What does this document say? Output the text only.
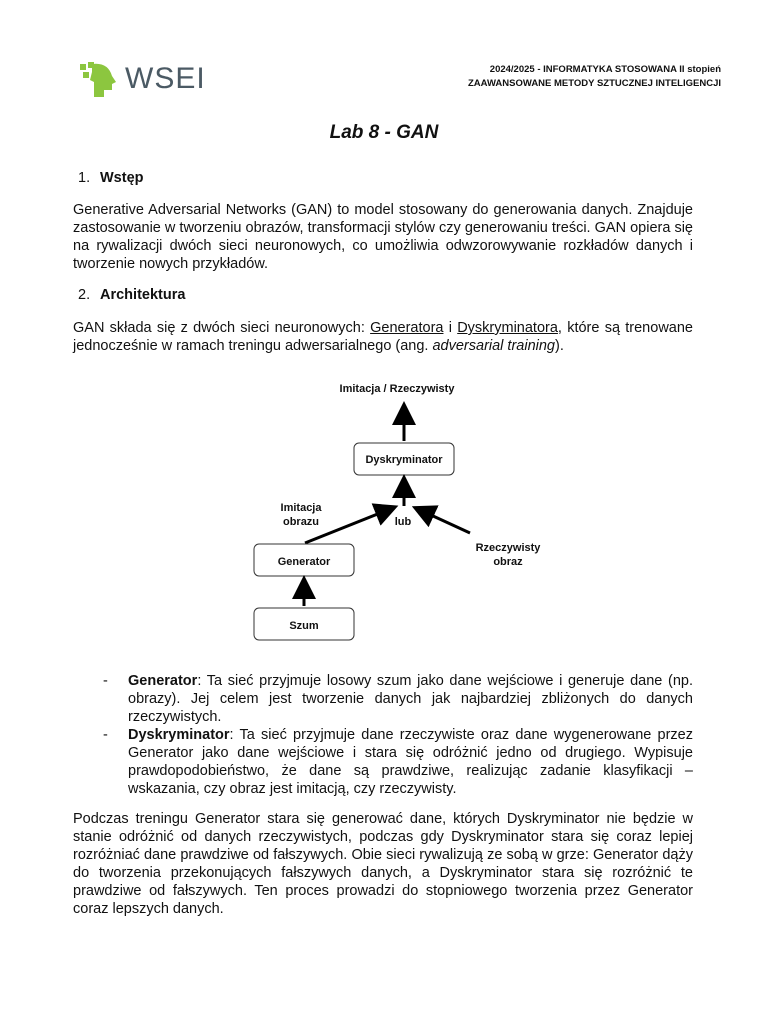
WSEI	2024/2025 - INFORMATYKA STOSOWANA II stopień
ZAAWANSOWANE METODY SZTUCZNEJ INTELIGENCJI
Lab 8 - GAN
1. Wstęp
Generative Adversarial Networks (GAN) to model stosowany do generowania danych. Znajduje zastosowanie w tworzeniu obrazów, transformacji stylów czy generowaniu treści. GAN opiera się na rywalizacji dwóch sieci neuronowych, co umożliwia odwzorowywanie rozkładów danych i tworzenie nowych przykładów.
2. Architektura
GAN składa się z dwóch sieci neuronowych: Generatora i Dyskryminatora, które są trenowane jednocześnie w ramach treningu adwersarialnego (ang. adversarial training).
Imitacja / Rzeczywisty
Dyskryminator
lub
Imitacja
obrazu
Rzeczywisty
obraz
Generator
Szum
- Generator: Ta sieć przyjmuje losowy szum jako dane wejściowe i generuje dane (np. obrazy). Jej celem jest tworzenie danych jak najbardziej zbliżonych do danych rzeczywistych.
- Dyskryminator: Ta sieć przyjmuje dane rzeczywiste oraz dane wygenerowane przez Generator jako dane wejściowe i stara się odróżnić jedno od drugiego. Wypisuje prawdopodobieństwo, że dane są prawdziwe, realizując zadanie klasyfikacji – wskazania, czy obraz jest imitacją, czy rzeczywisty.
Podczas treningu Generator stara się generować dane, których Dyskryminator nie będzie w stanie odróżnić od danych rzeczywistych, podczas gdy Dyskryminator stara się coraz lepiej rozróżniać dane prawdziwe od fałszywych. Obie sieci rywalizują ze sobą w grze: Generator dąży do tworzenia przekonujących fałszywych danych, a Dyskryminator stara się rozróżnić te prawdziwe od fałszywych. Ten proces prowadzi do stopniowego tworzenia przez Generator coraz lepszych danych.
